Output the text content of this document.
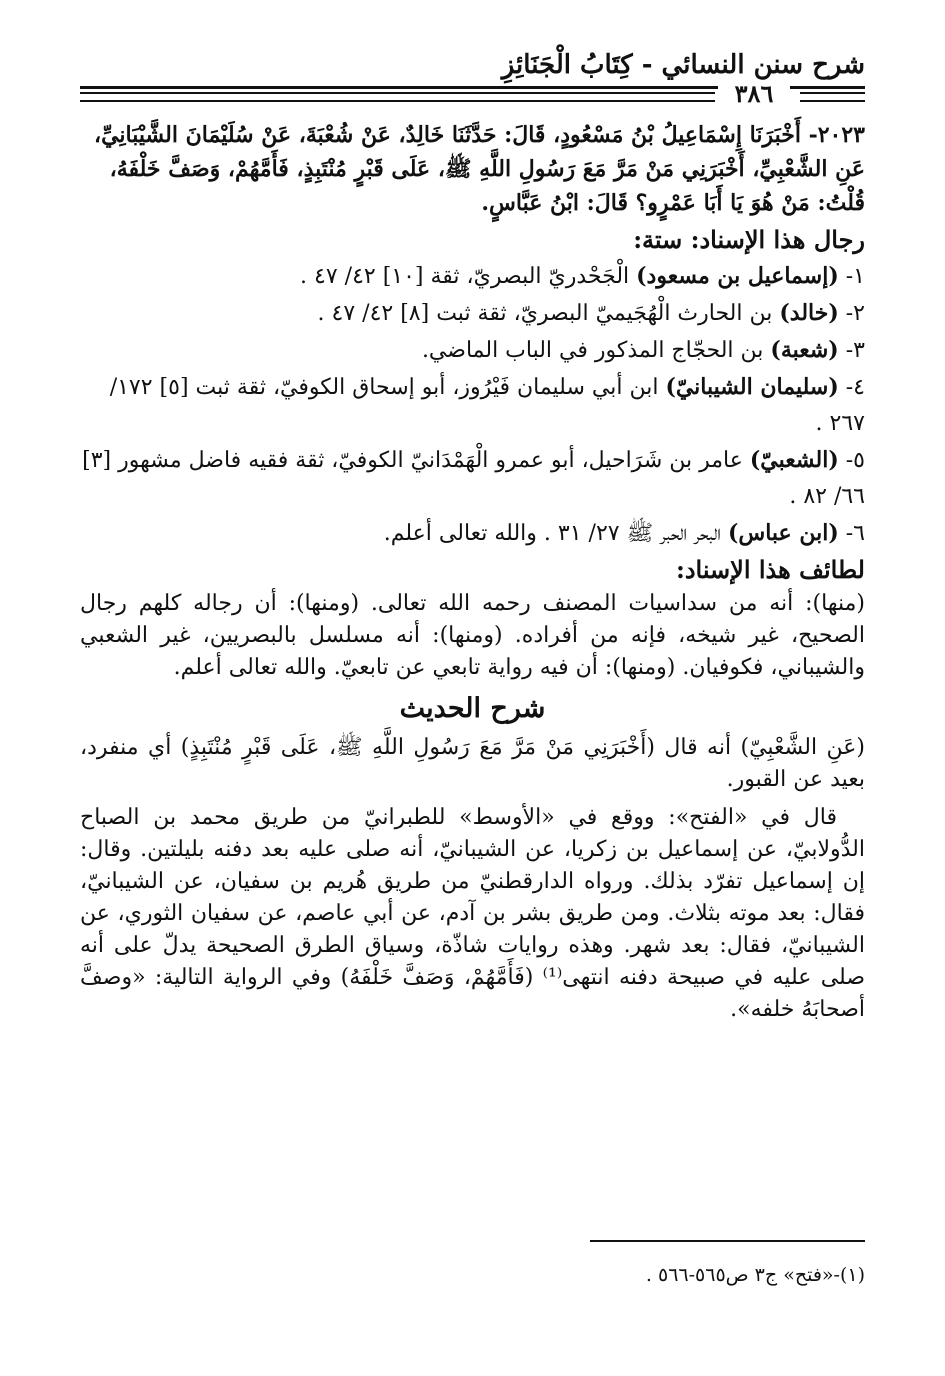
شرح سنن النسائي - كِتَابُ الْجَنَائِزِ
٣٨٦

٢٠٢٣- أَخْبَرَنَا إِسْمَاعِيلُ بْنُ مَسْعُودٍ، قَالَ: حَدَّثَنَا خَالِدٌ، عَنْ شُعْبَةَ، عَنْ سُلَيْمَانَ الشَّيْبَانِيِّ، عَنِ الشَّعْبِيِّ، أَخْبَرَنِي مَنْ مَرَّ مَعَ رَسُولِ اللَّهِ ﷺ، عَلَى قَبْرٍ مُنْتَبِذٍ، فَأَمَّهُمْ، وَصَفَّ خَلْفَهُ، قُلْتُ: مَنْ هُوَ يَا أَبَا عَمْرٍو؟ قَالَ: ابْنُ عَبَّاسٍ.

رجال هذا الإسناد: ستة:

١- (إسماعيل بن مسعود) الْجَحْدريّ البصريّ، ثقة [١٠] ٤٢/ ٤٧ .

٢- (خالد) بن الحارث الْهُجَيميّ البصريّ، ثقة ثبت [٨] ٤٢/ ٤٧ .

٣- (شعبة) بن الحجّاج المذكور في الباب الماضي.

٤- (سليمان الشيبانيّ) ابن أبي سليمان فَيْرُوز، أبو إسحاق الكوفيّ، ثقة ثبت [٥] ١٧٢/ ٢٦٧ .

٥- (الشعبيّ) عامر بن شَرَاحيل، أبو عمرو الْهَمْدَانيّ الكوفيّ، ثقة فقيه فاضل مشهور [٣] ٦٦/ ٨٢ .

٦- (ابن عباس) البحر الحبر ﷺ ٢٧/ ٣١ . والله تعالى أعلم.

لطائف هذا الإسناد:

(منها): أنه من سداسيات المصنف رحمه الله تعالى. (ومنها): أن رجاله كلهم رجال الصحيح، غير شيخه، فإنه من أفراده. (ومنها): أنه مسلسل بالبصريين، غير الشعبي والشيباني، فكوفيان. (ومنها): أن فيه رواية تابعي عن تابعيّ. والله تعالى أعلم.

شرح الحديث

(عَنِ الشَّعْبِيّ) أنه قال (أَخْبَرَنِي مَنْ مَرَّ مَعَ رَسُولِ اللَّهِ ﷺ، عَلَى قَبْرٍ مُنْتَبِذٍ) أي منفرد، بعيد عن القبور.

قال في «الفتح»: ووقع في «الأوسط» للطبرانيّ من طريق محمد بن الصباح الدُّولابيّ، عن إسماعيل بن زكريا، عن الشيبانيّ، أنه صلى عليه بعد دفنه بليلتين. وقال: إن إسماعيل تفرّد بذلك. ورواه الدارقطنيّ من طريق هُريم بن سفيان، عن الشيبانيّ، فقال: بعد موته بثلاث. ومن طريق بشر بن آدم، عن أبي عاصم، عن سفيان الثوري، عن الشيبانيّ، فقال: بعد شهر. وهذه روايات شاذّة، وسياق الطرق الصحيحة يدلّ على أنه صلى عليه في صبيحة دفنه انتهى⁽¹⁾ (فَأَمَّهُمْ، وَصَفَّ خَلْفَهُ) وفي الرواية التالية: «وصفَّ أصحابَهُ خلفه».

(١)-«فتح» ج٣ ص٥٦٥-٥٦٦ .
